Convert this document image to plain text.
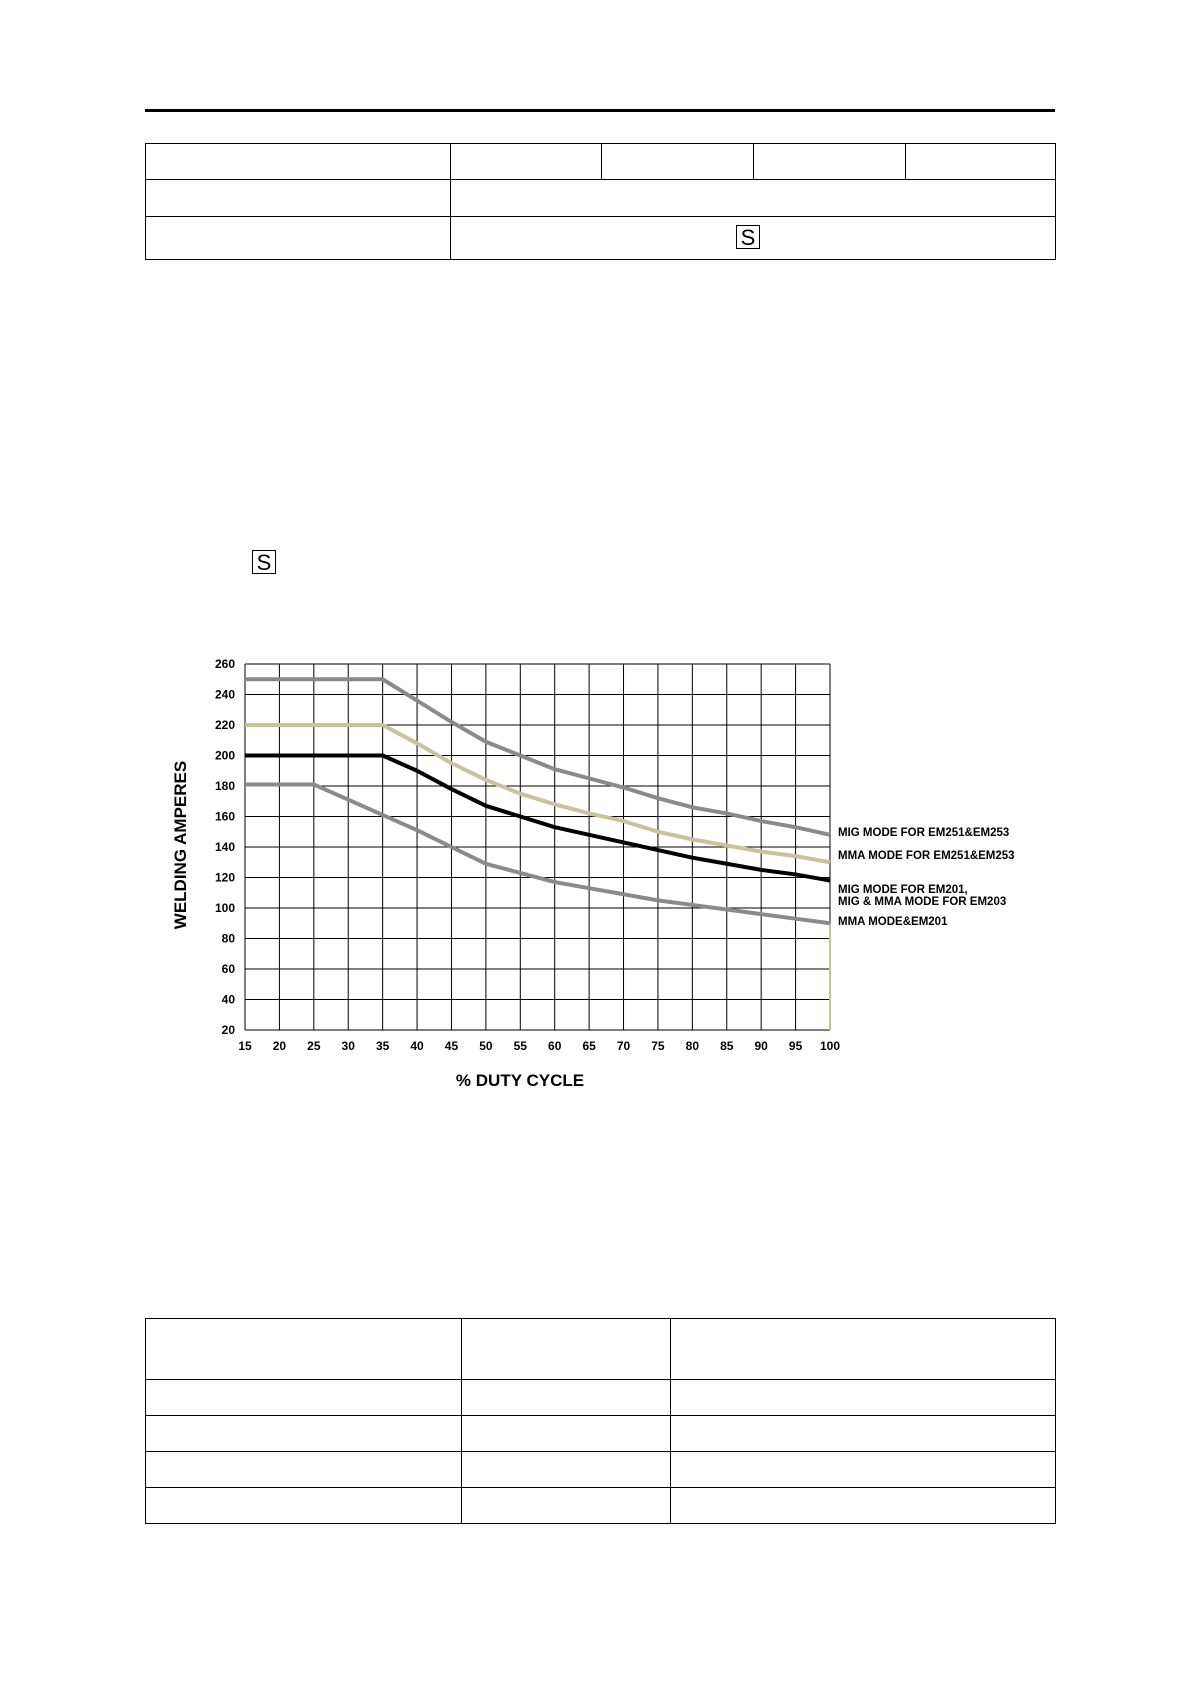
S
S
15 20 25 30 35 40 45 50 55 60 65 70 75 80 85 90 95 100
20
40
60
80
100
120
140
160
180
200
220
240
260
MIG MODE FOR EM251&EM253
MMA MODE FOR EM251&EM253
MIG MODE FOR EM201,
MIG & MMA MODE FOR EM203
MMA MODE&EM201
% DUTY CYCLE
WELDING AMPERES
